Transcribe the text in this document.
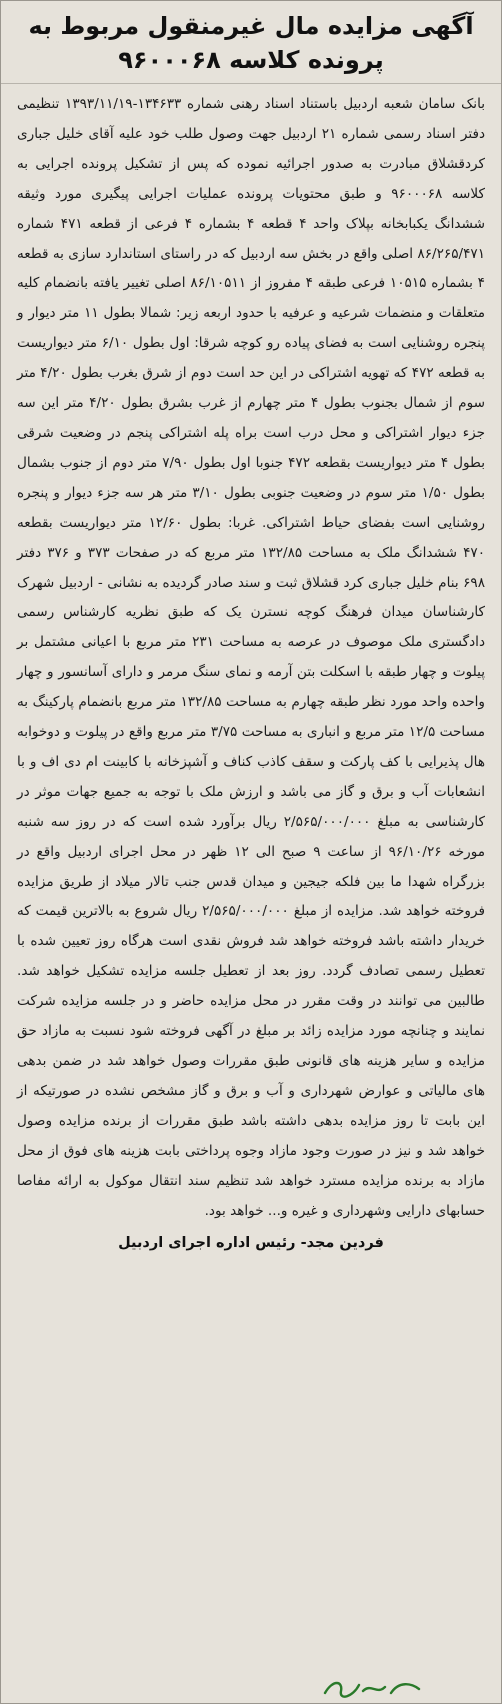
آگهی مزایده مال غیرمنقول مربوط به
پرونده کلاسه ۹۶۰۰۰۶۸
بانک سامان شعبه اردبیل باستناد اسناد رهنی شماره ۱۳۴۶۳۳-۱۳۹۳/۱۱/۱۹ تنظیمی دفتر اسناد رسمی شماره ۲۱ اردبیل جهت وصول طلب خود علیه آقای خلیل جباری کردقشلاق مبادرت به صدور اجرائیه نموده که پس از تشکیل پرونده اجرایی به کلاسه ۹۶۰۰۰۶۸ و طبق محتویات پرونده عملیات اجرایی پیگیری مورد وثیقه ششدانگ یکبابخانه بپلاک واحد ۴ قطعه ۴ بشماره ۴ فرعی از قطعه ۴۷۱ شماره ۸۶/۲۶۵/۴۷۱ اصلی واقع در بخش سه اردبیل که در راستای استاندارد سازی به قطعه ۴ بشماره ۱۰۵۱۵ فرعی طبقه ۴ مفروز از ۸۶/۱۰۵۱۱ اصلی تغییر یافته بانضمام کلیه متعلقات و منضمات شرعیه و عرفیه با حدود اربعه زیر: شمالا بطول ۱۱ متر دیوار و پنجره روشنایی است به فضای پیاده رو کوچه شرقا: اول بطول ۶/۱۰ متر دیواریست به قطعه ۴۷۲ که تهویه اشتراکی در این حد است دوم از شرق بغرب بطول ۴/۲۰ متر سوم از شمال بجنوب بطول ۴ متر چهارم از غرب بشرق بطول ۴/۲۰ متر این سه جزء دیوار اشتراکی و محل درب است براه پله اشتراکی پنجم در وضعیت شرقی بطول ۴ متر دیواریست بقطعه ۴۷۲ جنوبا اول بطول ۷/۹۰ متر دوم از جنوب بشمال بطول ۱/۵۰ متر سوم در وضعیت جنوبی بطول ۳/۱۰ متر هر سه جزء دیوار و پنجره روشنایی است بفضای حیاط اشتراکی. غربا: بطول ۱۲/۶۰ متر دیواریست بقطعه ۴۷۰ ششدانگ ملک به مساحت ۱۳۲/۸۵ متر مربع که در صفحات ۳۷۳ و ۳۷۶ دفتر ۶۹۸ بنام خلیل جباری کرد قشلاق ثبت و سند صادر گردیده به نشانی - اردبیل شهرک کارشناسان میدان فرهنگ کوچه نسترن یک که طبق نظریه کارشناس رسمی دادگستری ملک موصوف در عرصه به مساحت ۲۳۱ متر مربع با اعیانی مشتمل بر پیلوت و چهار طبقه با اسکلت بتن آرمه و نمای سنگ مرمر و دارای آسانسور و چهار واحده واحد مورد نظر طبقه چهارم به مساحت ۱۳۲/۸۵ متر مربع بانضمام پارکینگ به مساحت ۱۲/۵ متر مربع و انباری به مساحت ۳/۷۵ متر مربع واقع در پیلوت و دوخوابه هال پذیرایی با کف پارکت و سقف کاذب کناف و آشپزخانه با کابینت ام دی اف و با انشعابات آب و برق و گاز می باشد و ارزش ملک با توجه به جمیع جهات موثر در کارشناسی به مبلغ ۲/۵۶۵/۰۰۰/۰۰۰ ریال برآورد شده است که در روز سه شنبه مورخه ۹۶/۱۰/۲۶ از ساعت ۹ صبح الی ۱۲ ظهر در محل اجرای اردبیل واقع در بزرگراه شهدا ما بین فلکه جیجین و میدان قدس جنب تالار میلاد از طریق مزایده فروخته خواهد شد. مزایده از مبلغ ۲/۵۶۵/۰۰۰/۰۰۰ ریال شروع به بالاترین قیمت که خریدار داشته باشد فروخته خواهد شد فروش نقدی است هرگاه روز تعیین شده با تعطیل رسمی تصادف گردد. روز بعد از تعطیل جلسه مزایده تشکیل خواهد شد. طالبین می توانند در وقت مقرر در محل مزایده حاضر و در جلسه مزایده شرکت نمایند و چنانچه مورد مزایده زائد بر مبلغ در آگهی فروخته شود نسبت به مازاد حق مزایده و سایر هزینه های قانونی طبق مقررات وصول خواهد شد در ضمن بدهی های مالیاتی و عوارض شهرداری و آب و برق و گاز مشخص نشده در صورتیکه از این بابت تا روز مزایده بدهی داشته باشد طبق مقررات از برنده مزایده وصول خواهد شد و نیز در صورت وجود مازاد وجوه پرداختی بابت هزینه های فوق از محل مازاد به برنده مزایده مسترد خواهد شد تنظیم سند انتقال موکول به ارائه مفاصا حسابهای دارایی وشهرداری و غیره و... خواهد بود.
فردین مجد- رئیس اداره اجرای اردبیل
